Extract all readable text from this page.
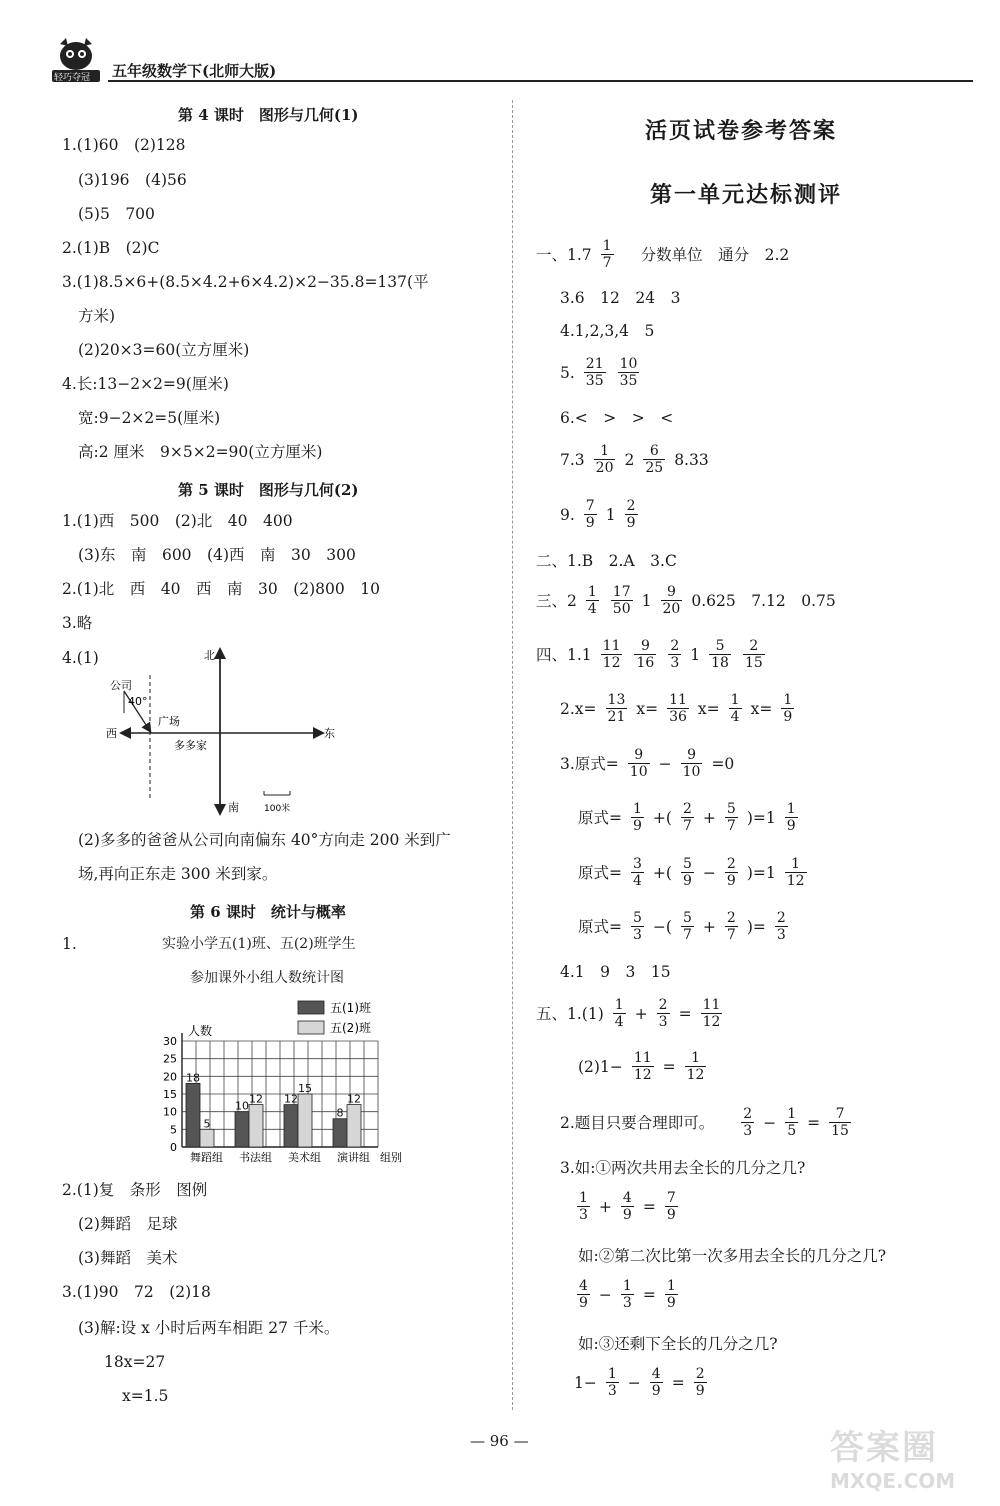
轻巧夺冠 五年级数学下(北师大版)
第 4 课时　图形与几何(1)
1.(1)60　(2)128
(3)196　(4)56
(5)5　700
2.(1)B　(2)C
3.(1)8.5×6+(8.5×4.2+6×4.2)×2−35.8=137(平
方米)
(2)20×3=60(立方厘米)
4.长:13−2×2=9(厘米)
宽:9−2×2=5(厘米)
高:2 厘米　9×5×2=90(立方厘米)
第 5 课时　图形与几何(2)
1.(1)西　500　(2)北　40　400
(3)东　南　600　(4)西　南　30　300
2.(1)北　西　40　西　南　30　(2)800　10
3.略
4.(1)	北
南
西	东
公司
40°
广场
多多家
100米
(2)多多的爸爸从公司向南偏东 40°方向走 200 米到广
场,再向正东走 300 米到家。
第 6 课时　统计与概率
1.	实验小学五(1)班、五(2)班学生
参加课外小组人数统计图
0
5
10
15
20
25
30
人数
18
5
舞蹈组
10
12
书法组
12
15
美术组
8
12
演讲组 组别
五(1)班
五(2)班
2.(1)复　条形　图例
(2)舞蹈　足球
(3)舞蹈　美术
3.(1)90　72　(2)18
(3)解:设 x 小时后两车相距 27 千米。
18x=27
x=1.5
活页试卷参考答案
第一单元达标测评
一、$1.7 \frac{1}{7}$ 分数单位　通分　2.2
3.6　12　24　3
4.1,2,3,4　5
5. $\frac{21}{35} \frac{10}{35}$
6.<　>　>　<
$7.3 \frac{1}{20} 2 \frac{6}{25} 8.33$
9. $\frac{7}{9} 1 \frac{2}{9}$
二、1.B　2.A　3.C
三、$2 \frac{1}{4} \frac{17}{50} 1 \frac{9}{20} 0.625$　7.12　0.75
四、$1.1 \frac{11}{12} \frac{9}{16} \frac{2}{3} 1 \frac{5}{18} \frac{2}{15}$
$2.x= \frac{13}{21} x= \frac{11}{36} x= \frac{1}{4} x= \frac{1}{9}$
3.原式= $\frac{9}{10} - \frac{9}{10} =0$
原式= $\frac{1}{9}$ +( $\frac{2}{7} + \frac{5}{7} )=1 \frac{1}{9}$
原式= $\frac{3}{4}$ +( $\frac{5}{9} - \frac{2}{9} )=1 \frac{1}{12}$
原式= $\frac{5}{3}$ −( $\frac{5}{7} + \frac{2}{7}$ )= $\frac{2}{3}$
4.1　9　3　15
五、$1.(1) \frac{1}{4} + \frac{2}{3} = \frac{11}{12}$
$(2)1- \frac{11}{12} = \frac{1}{12}$
2.题目只要合理即可。 $\frac{2}{3} - \frac{1}{5} = \frac{7}{15}$
3.如:①两次共用去全长的几分之几?
$\frac{1}{3} + \frac{4}{9} = \frac{7}{9}$
如:②第二次比第一次多用去全长的几分之几?
$\frac{4}{9} - \frac{1}{3} = \frac{1}{9}$
如:③还剩下全长的几分之几?
$1- \frac{1}{3} - \frac{4}{9} = \frac{2}{9}$
— 96 —	答案圈
MXQE.COM
